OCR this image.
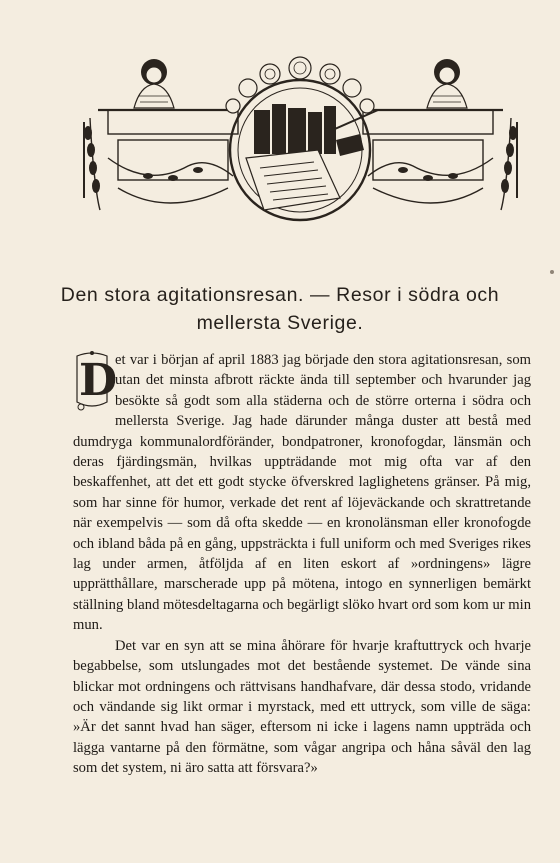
Den stora agitationsresan. — Resor i södra och mellersta Sverige.

D
et var i början af april 1883 jag började den stora agitationsresan, som utan det minsta afbrott räckte ända till september och hvarunder jag besökte så godt som alla städerna och de större orterna i södra och mellersta Sverige. Jag hade därunder många duster att bestå med dumdryga kommunalordföränder, bondpatroner, kronofogdar, länsmän och deras fjärdingsmän, hvilkas uppträdande mot mig ofta var af den beskaffenhet, att det ett godt stycke öfverskred laglighetens gränser. På mig, som har sinne för humor, verkade det rent af löjeväckande och skrattretande när exempelvis — som då ofta skedde — en kronolänsman eller kronofogde och ibland båda på en gång, uppsträckta i full uniform och med Sveriges rikes lag under armen, åtföljda af en liten eskort af »ordningens» lägre upprätthållare, marscherade upp på mötena, intogo en synnerligen bemärkt ställning bland mötesdeltagarna och begärligt slöko hvart ord som kom ur min mun.

Det var en syn att se mina åhörare för hvarje kraftuttryck och hvarje begabbelse, som utslungades mot det bestående systemet. De vände sina blickar mot ordningens och rättvisans handhafvare, där dessa stodo, vridande och vändande sig likt ormar i myrstack, med ett uttryck, som ville de säga: »Är det sannt hvad han säger, eftersom ni icke i lagens namn uppträda och lägga vantarne på den förmätne, som vågar angripa och håna såväl den lag som det system, ni äro satta att försvara?»
